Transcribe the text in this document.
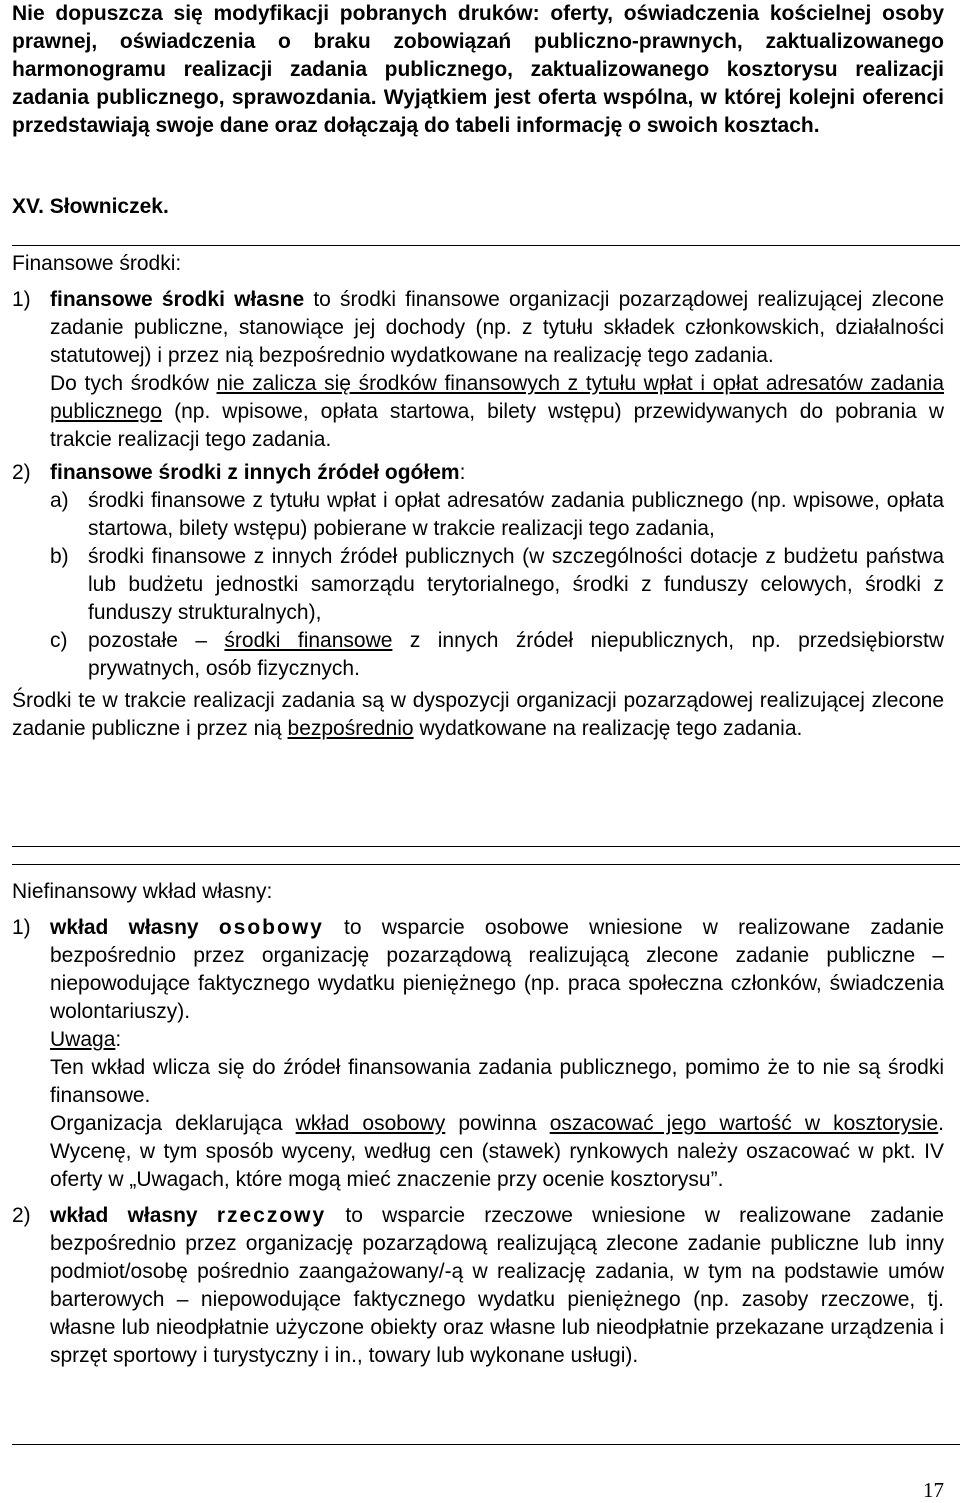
Nie dopuszcza się modyfikacji pobranych druków: oferty, oświadczenia kościelnej osoby prawnej, oświadczenia o braku zobowiązań publiczno-prawnych, zaktualizowanego harmonogramu realizacji zadania publicznego, zaktualizowanego kosztorysu realizacji zadania publicznego, sprawozdania. Wyjątkiem jest oferta wspólna, w której kolejni oferenci przedstawiają swoje dane oraz dołączają do tabeli informację o swoich kosztach.

XV. Słowniczek.
Finansowe środki:
1) finansowe środki własne to środki finansowe organizacji pozarządowej realizującej zlecone zadanie publiczne, stanowiące jej dochody (np. z tytułu składek członkowskich, działalności statutowej) i przez nią bezpośrednio wydatkowane na realizację tego zadania.

Do tych środków nie zalicza się środków finansowych z tytułu wpłat i opłat adresatów zadania publicznego (np. wpisowe, opłata startowa, bilety wstępu) przewidywanych do pobrania w trakcie realizacji tego zadania.

2) finansowe środki z innych źródeł ogółem:

a) środki finansowe z tytułu wpłat i opłat adresatów zadania publicznego (np. wpisowe, opłata startowa, bilety wstępu) pobierane w trakcie realizacji tego zadania,
b) środki finansowe z innych źródeł publicznych (w szczególności dotacje z budżetu państwa lub budżetu jednostki samorządu terytorialnego, środki z funduszy celowych, środki z funduszy strukturalnych),
c) pozostałe – środki finansowe z innych źródeł niepublicznych, np. przedsiębiorstw prywatnych, osób fizycznych.

Środki te w trakcie realizacji zadania są w dyspozycji organizacji pozarządowej realizującej zlecone zadanie publiczne i przez nią bezpośrednio wydatkowane na realizację tego zadania.

Niefinansowy wkład własny:
1) wkład własny osobowy to wsparcie osobowe wniesione w realizowane zadanie bezpośrednio przez organizację pozarządową realizującą zlecone zadanie publiczne – niepowodujące faktycznego wydatku pieniężnego (np. praca społeczna członków, świadczenia wolontariuszy).

Uwaga:

Ten wkład wlicza się do źródeł finansowania zadania publicznego, pomimo że to nie są środki finansowe.

Organizacja deklarująca wkład osobowy powinna oszacować jego wartość w kosztorysie. Wycenę, w tym sposób wyceny, według cen (stawek) rynkowych należy oszacować w pkt. IV oferty w „Uwagach, które mogą mieć znaczenie przy ocenie kosztorysu”.

2) wkład własny rzeczowy to wsparcie rzeczowe wniesione w realizowane zadanie bezpośrednio przez organizację pozarządową realizującą zlecone zadanie publiczne lub inny podmiot/osobę pośrednio zaangażowany/-ą w realizację zadania, w tym na podstawie umów barterowych – niepowodujące faktycznego wydatku pieniężnego (np. zasoby rzeczowe, tj. własne lub nieodpłatnie użyczone obiekty oraz własne lub nieodpłatnie przekazane urządzenia i sprzęt sportowy i turystyczny i in., towary lub wykonane usługi).

17
